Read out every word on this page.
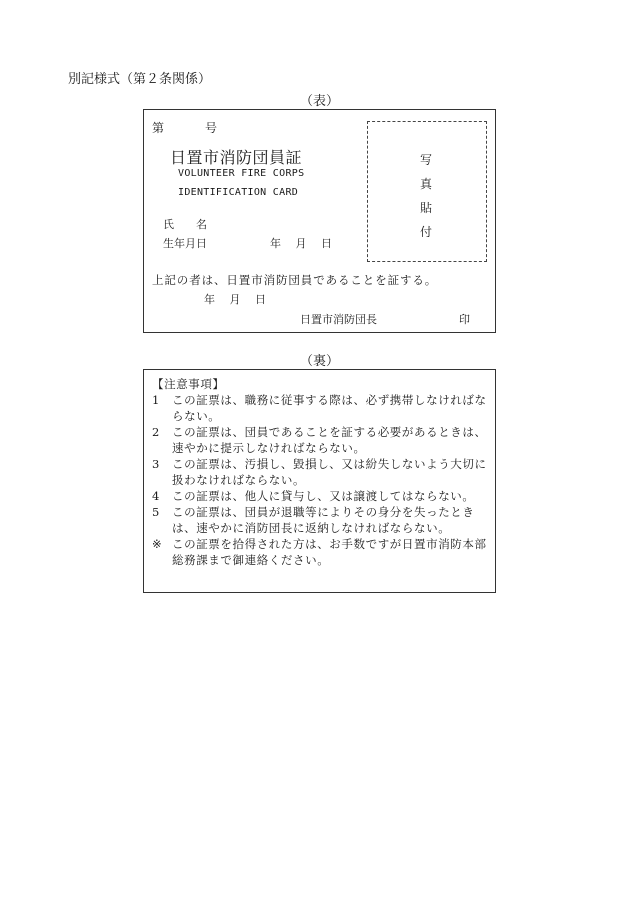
別記様式（第２条関係）
（表）
第	号
日置市消防団員証
VOLUNTEER FIRE CORPS
IDENTIFICATION CARD
氏　　名
生年月日	年　 月　 日
写
真
貼
付
上記の者は、日置市消防団員であることを証する。
年　 月　 日
日置市消防団長	印
（裏）
【注意事項】
1 この証票は、職務に従事する際は、必ず携帯しなければならない。
2 この証票は、団員であることを証する必要があるときは、速やかに提示しなければならない。
3 この証票は、汚損し、毀損し、又は紛失しないよう大切に扱わなければならない。
4 この証票は、他人に貸与し、又は譲渡してはならない。
5 この証票は、団員が退職等によりその身分を失ったときは、速やかに消防団長に返納しなければならない。
※ この証票を拾得された方は、お手数ですが日置市消防本部総務課まで御連絡ください。
